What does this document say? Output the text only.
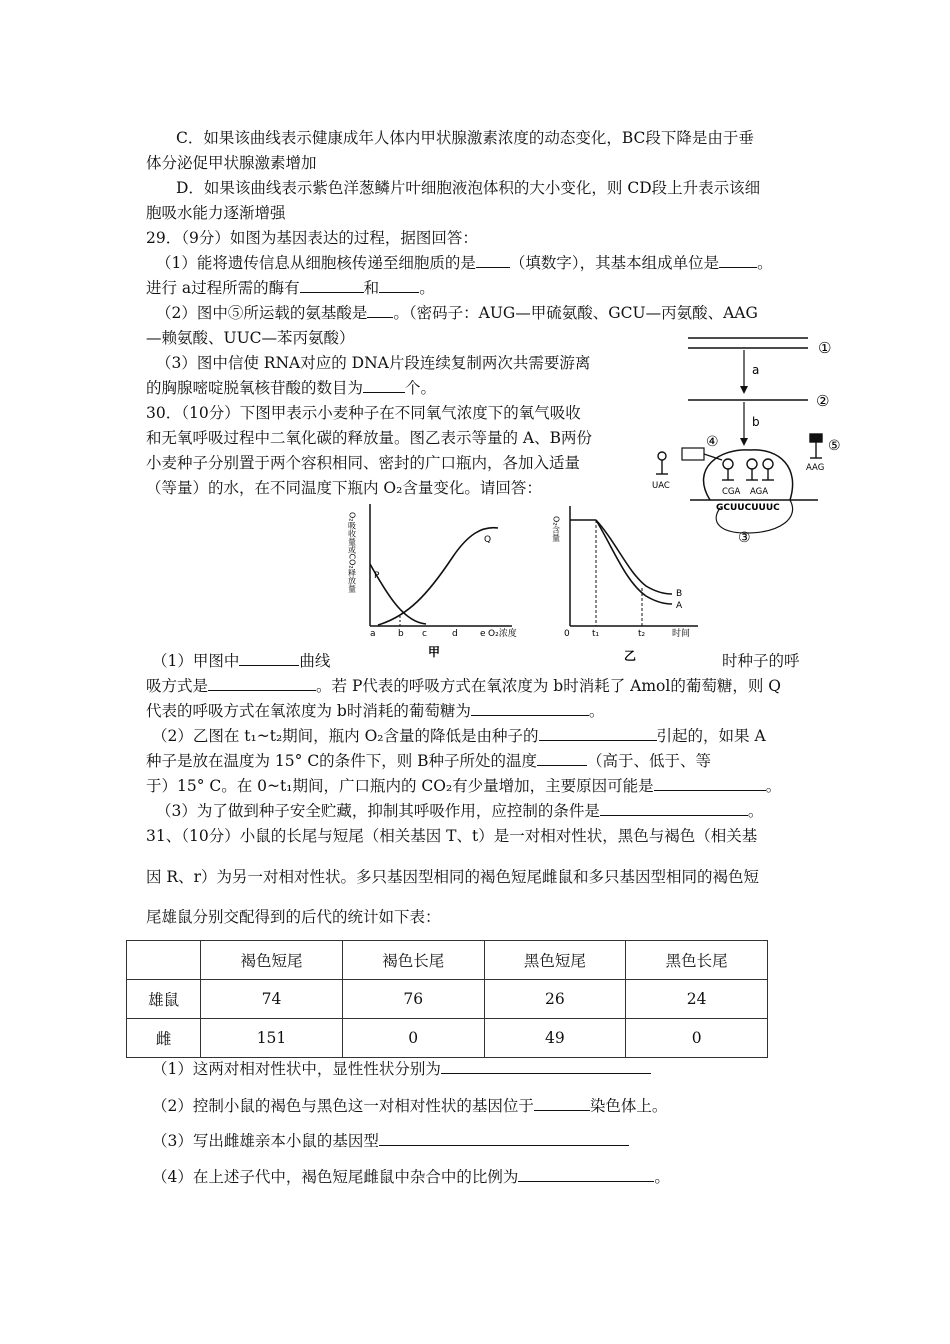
C．如果该曲线表示健康成年人体内甲状腺激素浓度的动态变化，BC段下降是由于垂
体分泌促甲状腺激素增加
D．如果该曲线表示紫色洋葱鳞片叶细胞液泡体积的大小变化，则 CD段上升表示该细
胞吸水能力逐渐增强
29．（9分）如图为基因表达的过程，据图回答：
（1）能将遗传信息从细胞核传递至细胞质的是 （填数字），其基本组成单位是 。
进行 a过程所需的酶有	和	。
（2）图中⑤所运载的氨基酸是 。（密码子：AUG—甲硫氨酸、GCU—丙氨酸、AAG
—赖氨酸、UUC—苯丙氨酸）
（3）图中信使 RNA对应的 DNA片段连续复制两次共需要游离
的胸腺嘧啶脱氧核苷酸的数目为	个。
30．（10分）下图甲表示小麦种子在不同氧气浓度下的氧气吸收
和无氧呼吸过程中二氧化碳的释放量。图乙表示等量的 A、B两份
小麦种子分别置于两个容积相同、密封的广口瓶内，各加入适量
（等量）的水，在不同温度下瓶内 O₂含量变化。请回答：
①
a
②
b
④
CGA AGA
GCUUCUUUC
③
UAC
⑤
AAG
O₂吸收量或CO₂释放量 P
Q
a b c	d e O₂浓度
甲
O₂含量
B
A
0 t₁	t₂	时间
乙
（1）甲图中	曲线	时种子的呼
吸方式是	。若 P代表的呼吸方式在氧浓度为 b时消耗了 Amol的葡萄糖，则 Q
代表的呼吸方式在氧浓度为 b时消耗的葡萄糖为	。
（2）乙图在 t₁~t₂期间，瓶内 O₂含量的降低是由种子的	引起的，如果 A
种子是放在温度为 15° C的条件下，则 B种子所处的温度	（高于、低于、等
于）15° C。在 0~t₁期间，广口瓶内的 CO₂有少量增加，主要原因可能是	。
（3）为了做到种子安全贮藏，抑制其呼吸作用，应控制的条件是	。
31、（10分）小鼠的长尾与短尾（相关基因 T、t）是一对相对性状，黑色与褐色（相关基
因 R、r）为另一对相对性状。多只基因型相同的褐色短尾雌鼠和多只基因型相同的褐色短
尾雄鼠分别交配得到的后代的统计如下表：
	褐色短尾	褐色长尾	黑色短尾	黑色长尾
雄鼠	74	76	26	24
雌	151	0	49	0
（1）这两对相对性状中，显性性状分别为
（2）控制小鼠的褐色与黑色这一对相对性状的基因位于	染色体上。
（3）写出雌雄亲本小鼠的基因型
（4）在上述子代中，褐色短尾雌鼠中杂合中的比例为	。
